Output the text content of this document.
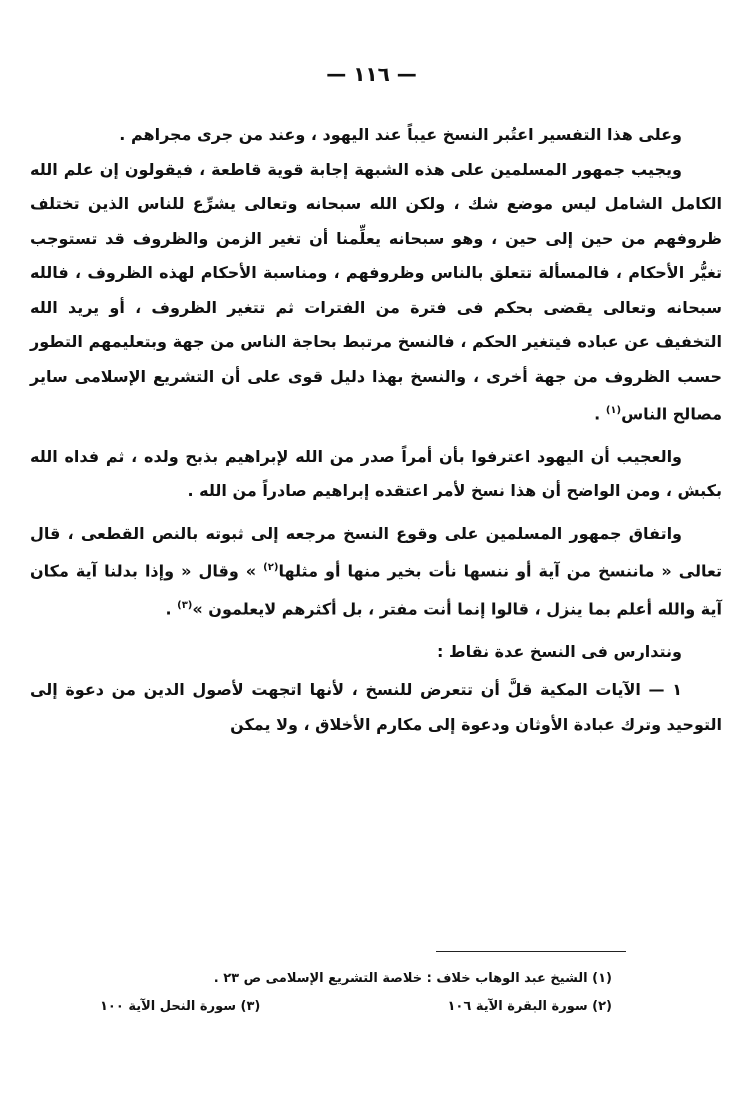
— ١١٦ —

وعلى هذا التفسير اعتُبر النسخ عيباً عند اليهود ، وعند من جرى مجراهم .

ويجيب جمهور المسلمين على هذه الشبهة إجابة قوية قاطعة ، فيقولون إن علم الله الكامل الشامل ليس موضع شك ، ولكن الله سبحانه وتعالى يشرِّع للناس الذين تختلف ظروفهم من حين إلى حين ، وهو سبحانه يعلِّمنا أن تغير الزمن والظروف قد تستوجب تغيُّر الأحكام ، فالمسألة تتعلق بالناس وظروفهم ، ومناسبة الأحكام لهذه الظروف ، فالله سبحانه وتعالى يقضى بحكم فى فترة من الفترات ثم تتغير الظروف ، أو يريد الله التخفيف عن عباده فيتغير الحكم ، فالنسخ مرتبط بحاجة الناس من جهة وبتعليمهم التطور حسب الظروف من جهة أخرى ، والنسخ بهذا دليل قوى على أن التشريع الإسلامى ساير مصالح الناس$^{(١)}$ .

والعجيب أن اليهود اعترفوا بأن أمراً صدر من الله لإبراهيم بذبح ولده ، ثم فداه الله بكبش ، ومن الواضح أن هذا نسخ لأمر اعتقده إبراهيم صادراً من الله .

واتفاق جمهور المسلمين على وقوع النسخ مرجعه إلى ثبوته بالنص القطعى ، قال تعالى « ماننسخ من آية أو ننسها نأت بخير منها أو مثلها$^{(٢)}$ » وقال « وإذا بدلنا آية مكان آية والله أعلم بما ينزل ، قالوا إنما أنت مفتر ، بل أكثرهم لايعلمون »$^{(٣)}$ .

ونتدارس فى النسخ عدة نقاط :

١ — الآيات المكية قلَّ أن تتعرض للنسخ ، لأنها اتجهت لأصول الدين من دعوة إلى التوحيد وترك عبادة الأوثان ودعوة إلى مكارم الأخلاق ، ولا يمكن

(١) الشيخ عبد الوهاب خلاف : خلاصة التشريع الإسلامى ص ٢٣ .
(٢) سورة البقرة الآية ١٠٦
(٣) سورة النحل الآية ١٠٠
